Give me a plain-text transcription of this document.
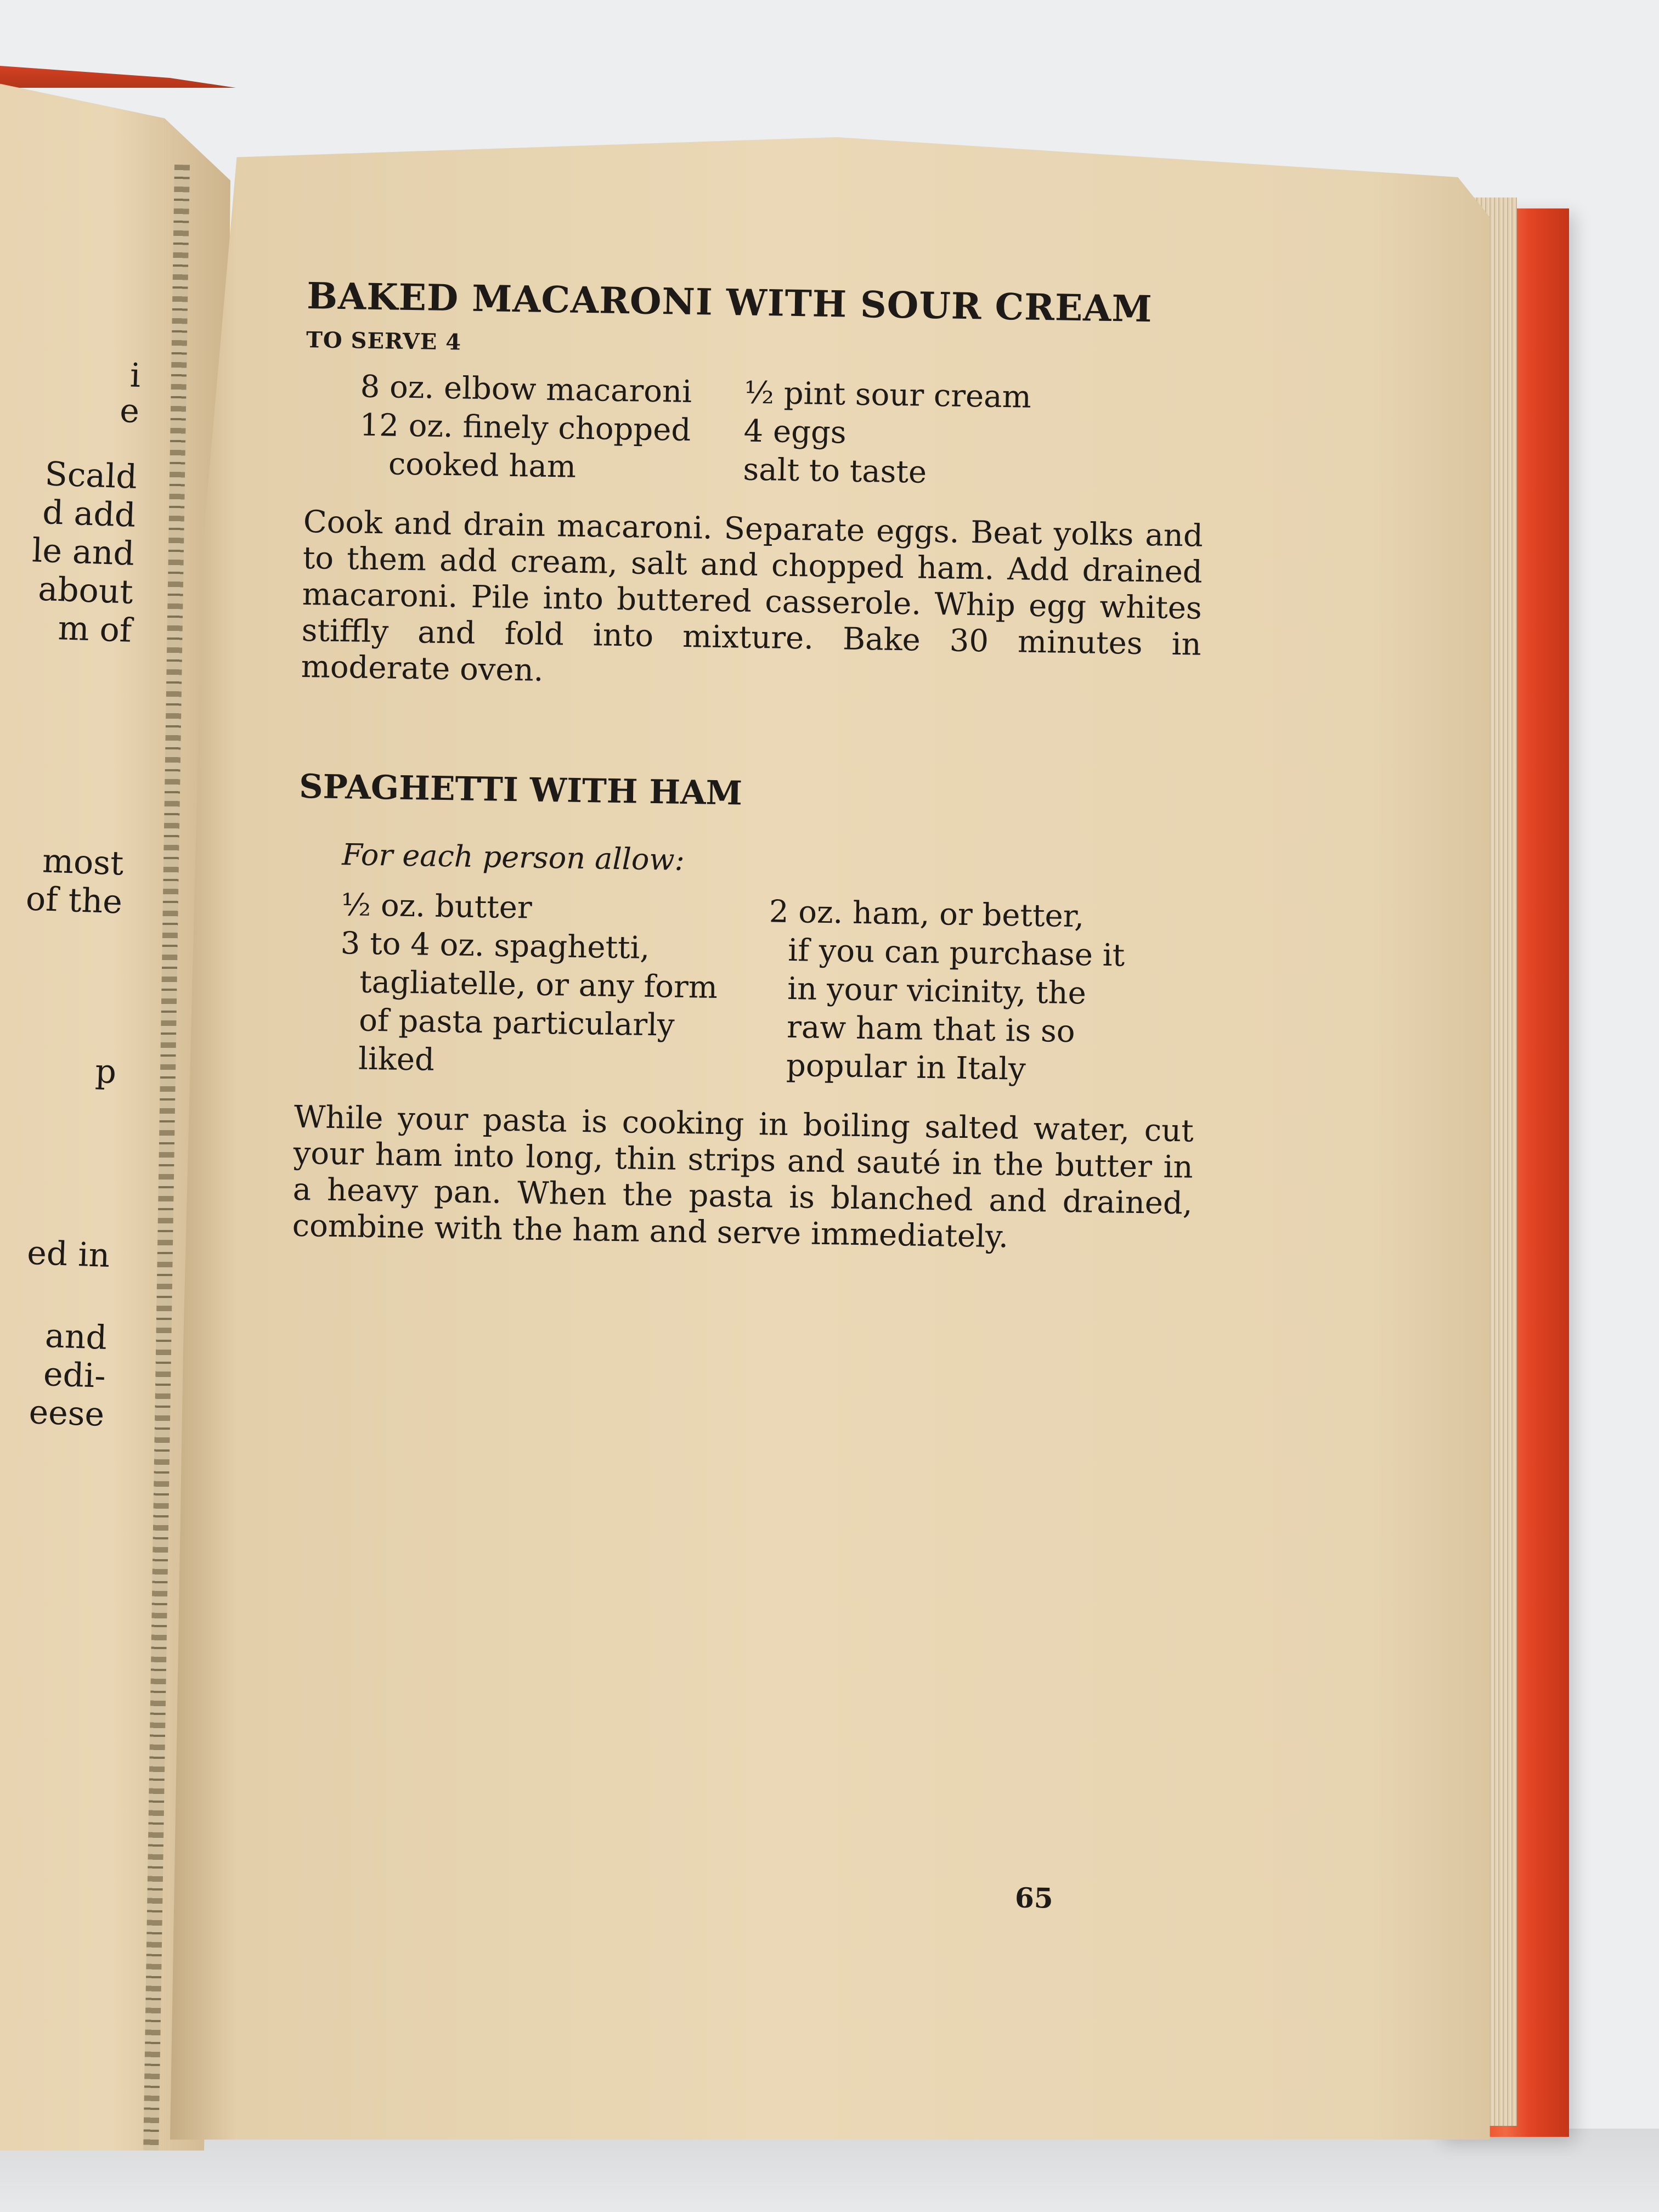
i
e
Scald
d add
le and
about
m of
most
of the
p
ed in
and
edi-
eese
BAKED MACARONI WITH SOUR CREAM
TO SERVE 4
8 oz. elbow macaroni
12 oz. finely chopped
cooked ham
½ pint sour cream
4 eggs
salt to taste
Cook and drain macaroni. Separate eggs. Beat yolks and to them add cream, salt and chopped ham. Add drained macaroni. Pile into buttered casserole. Whip egg whites stiffly and fold into mixture. Bake 30 minutes in moderate oven.
SPAGHETTI WITH HAM
For each person allow:
½ oz. butter
3 to 4 oz. spaghetti,
tagliatelle, or any form
of pasta particularly
liked
2 oz. ham, or better,
if you can purchase it
in your vicinity, the
raw ham that is so
popular in Italy
While your pasta is cooking in boiling salted water, cut your ham into long, thin strips and sauté in the butter in a heavy pan. When the pasta is blanched and drained, combine with the ham and serve immediately.
65
